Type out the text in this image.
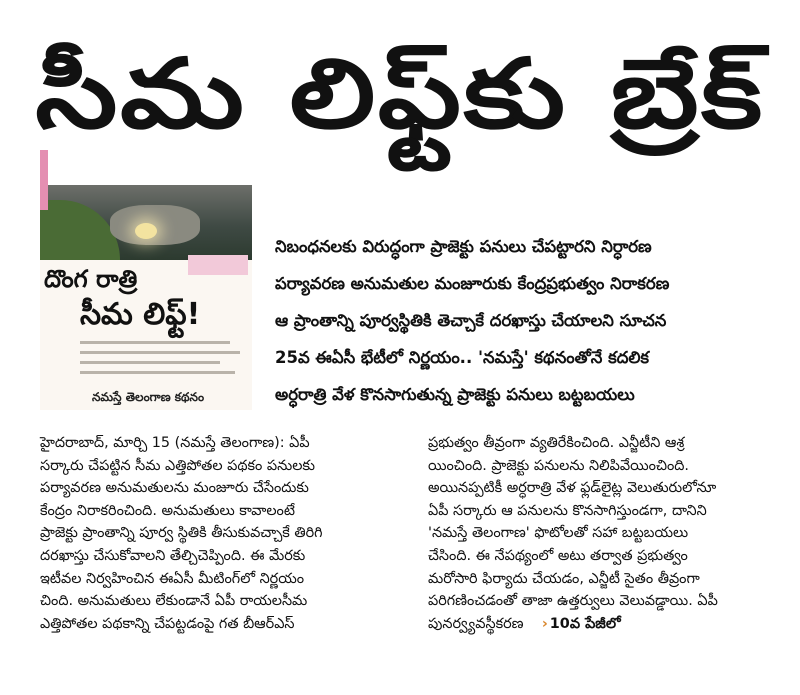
సీమ లిఫ్ట్‌కు బ్రేక్
దొంగ రాత్రి
సీమ లిఫ్ట్!
నమస్తే తెలంగాణ కథనం
నిబంధనలకు విరుద్ధంగా ప్రాజెక్టు పనులు చేపట్టారని నిర్ధారణ
పర్యావరణ అనుమతుల మంజూరుకు కేంద్రప్రభుత్వం నిరాకరణ
ఆ ప్రాంతాన్ని పూర్వస్థితికి తెచ్చాకే దరఖాస్తు చేయాలని సూచన
25వ ఈఏసీ భేటీలో నిర్ణయం.. 'నమస్తే' కథనంతోనే కదలిక
అర్ధరాత్రి వేళ కొనసాగుతున్న ప్రాజెక్టు పనులు బట్టబయలు

హైదరాబాద్, మార్చి 15 (నమస్తే తెలంగాణ): ఏపీ

సర్కారు చేపట్టిన సీమ ఎత్తిపోతల పథకం పనులకు

పర్యావరణ అనుమతులను మంజూరు చేసేందుకు

కేంద్రం నిరాకరించింది. అనుమతులు కావాలంటే

ప్రాజెక్టు ప్రాంతాన్ని పూర్వ స్థితికి తీసుకువచ్చాకే తిరిగి

దరఖాస్తు చేసుకోవాలని తేల్చిచెప్పింది. ఈ మేరకు

ఇటీవల నిర్వహించిన ఈఏసీ మీటింగ్‌లో నిర్ణయం

చింది. అనుమతులు లేకుండానే ఏపీ రాయలసీమ

ఎత్తిపోతల పథకాన్ని చేపట్టడంపై గత బీఆర్‌ఎస్

ప్రభుత్వం తీవ్రంగా వ్యతిరేకించింది. ఎన్జీటీని ఆశ్ర

యించింది. ప్రాజెక్టు పనులను నిలిపివేయించింది.

అయినప్పటికీ అర్ధరాత్రి వేళ ఫ్లడ్‌లైట్ల వెలుతురులోనూ

ఏపీ సర్కారు ఆ పనులను కొనసాగిస్తుండగా, దానిని

'నమస్తే తెలంగాణ' ఫొటోలతో సహా బట్టబయలు

చేసింది. ఈ నేపథ్యంలో అటు తర్వాత ప్రభుత్వం

మరోసారి ఫిర్యాదు చేయడం, ఎన్జీటీ సైతం తీవ్రంగా

పరిగణించడంతో తాజా ఉత్తర్వులు వెలువడ్డాయి. ఏపీ

పునర్వ్యవస్థీకరణ › 10వ పేజీలో
